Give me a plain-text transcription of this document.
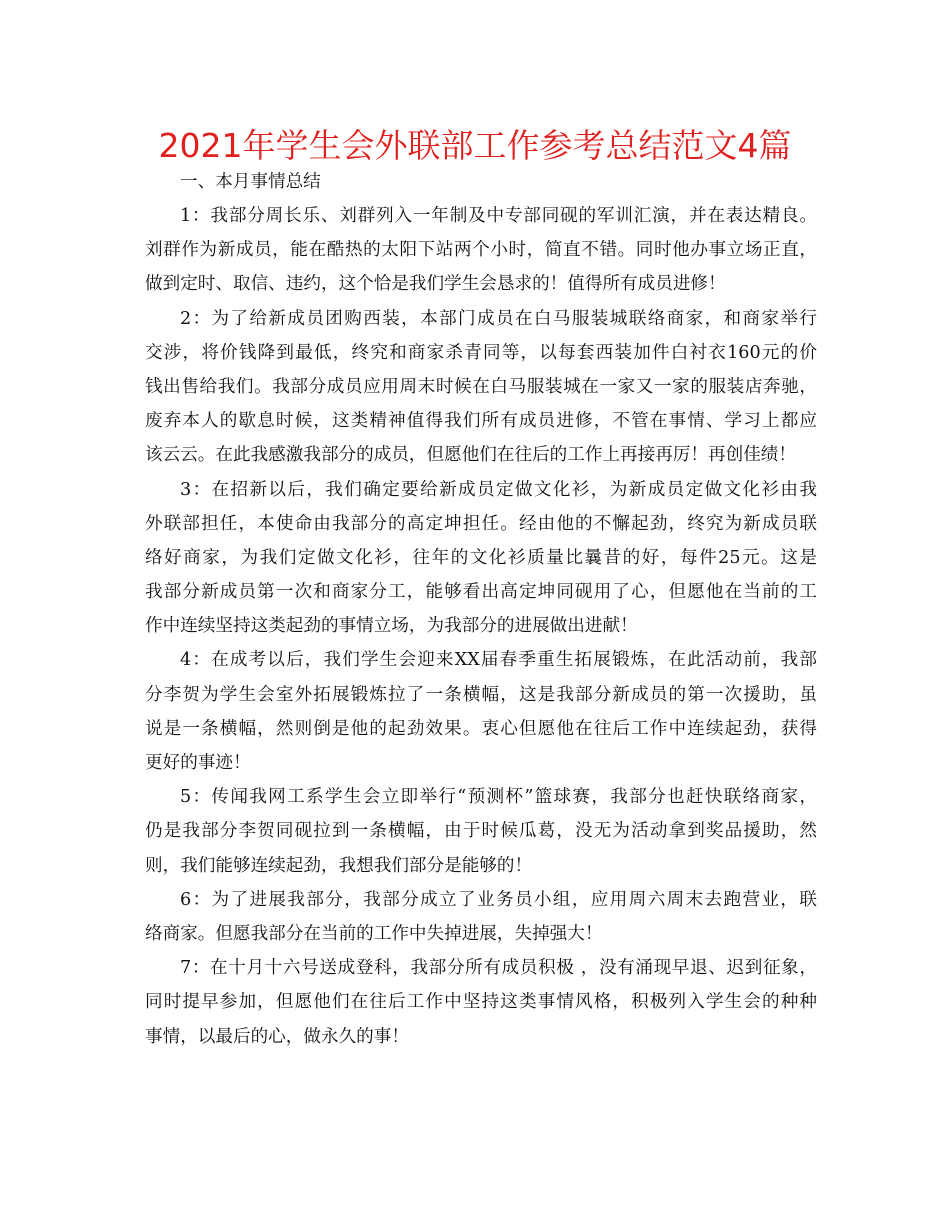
2021年学生会外联部工作参考总结范文4篇

一、本月事情总结

1：我部分周长乐、刘群列入一年制及中专部同砚的军训汇演，并在表达精良。
刘群作为新成员，能在酷热的太阳下站两个小时，简直不错。同时他办事立场正直，
做到定时、取信、违约，这个恰是我们学生会恳求的！值得所有成员进修！
2：为了给新成员团购西装，本部门成员在白马服装城联络商家，和商家举行
交涉，将价钱降到最低，终究和商家杀青同等，以每套西装加件白衬衣160元的价
钱出售给我们。我部分成员应用周末时候在白马服装城在一家又一家的服装店奔驰，
废弃本人的歇息时候，这类精神值得我们所有成员进修，不管在事情、学习上都应
该云云。在此我感激我部分的成员，但愿他们在往后的工作上再接再厉！再创佳绩！
3：在招新以后，我们确定要给新成员定做文化衫，为新成员定做文化衫由我
外联部担任，本使命由我部分的高定坤担任。经由他的不懈起劲，终究为新成员联
络好商家，为我们定做文化衫，往年的文化衫质量比曩昔的好，每件25元。这是
我部分新成员第一次和商家分工，能够看出高定坤同砚用了心，但愿他在当前的工
作中连续坚持这类起劲的事情立场，为我部分的进展做出进献！
4：在成考以后，我们学生会迎来XX届春季重生拓展锻炼，在此活动前，我部
分李贺为学生会室外拓展锻炼拉了一条横幅，这是我部分新成员的第一次援助，虽
说是一条横幅，然则倒是他的起劲效果。衷心但愿他在往后工作中连续起劲，获得
更好的事迹！
5：传闻我网工系学生会立即举行“预测杯”篮球赛，我部分也赶快联络商家，
仍是我部分李贺同砚拉到一条横幅，由于时候瓜葛，没无为活动拿到奖品援助，然
则，我们能够连续起劲，我想我们部分是能够的！
6：为了进展我部分，我部分成立了业务员小组，应用周六周末去跑营业，联
络商家。但愿我部分在当前的工作中失掉进展，失掉强大！
7：在十月十六号送成登科，我部分所有成员积极 ，没有涌现早退、迟到征象，
同时提早参加，但愿他们在往后工作中坚持这类事情风格，积极列入学生会的种种
事情，以最后的心，做永久的事！
